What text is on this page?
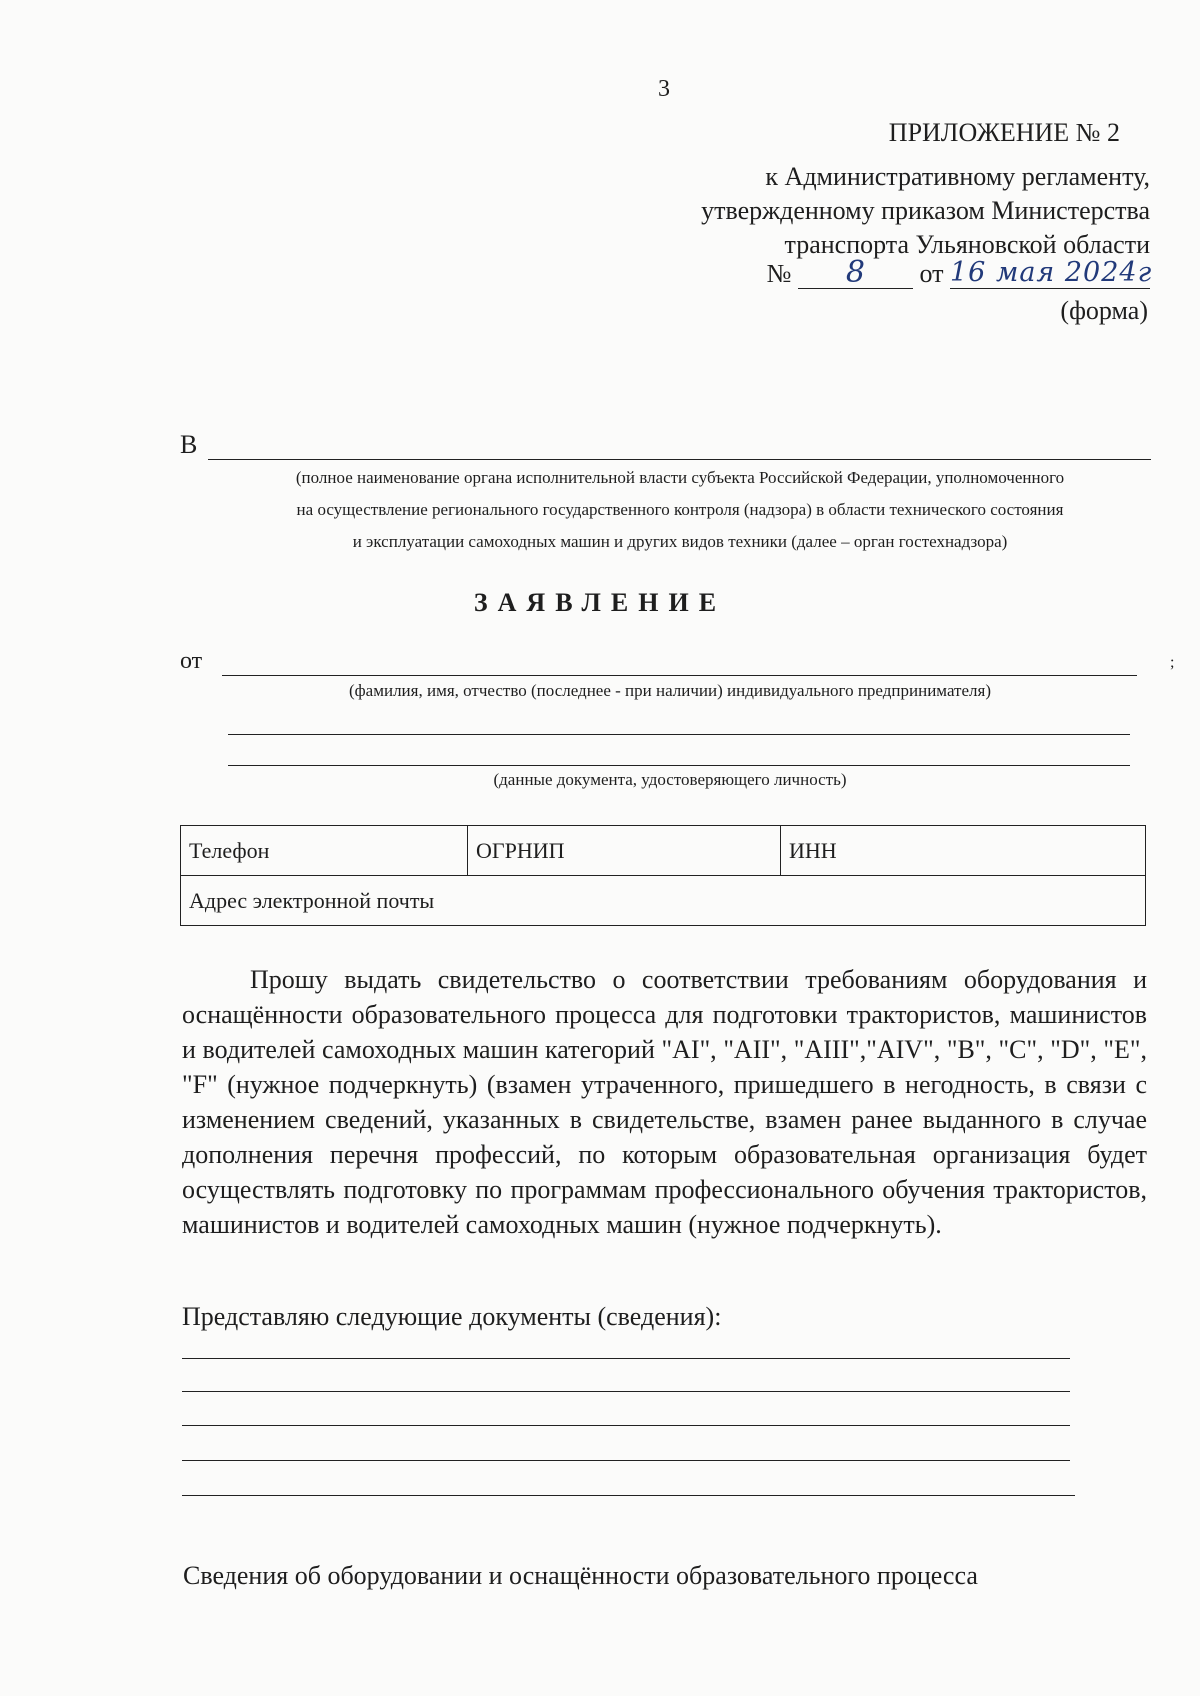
3
ПРИЛОЖЕНИЕ № 2
к Административному регламенту,
утвержденному приказом Министерства
транспорта Ульяновской области
№ 8 от 16 мая 2024г
(форма)
В
(полное наименование органа исполнительной власти субъекта Российской Федерации, уполномоченного
на осуществление регионального государственного контроля (надзора) в области технического состояния
и эксплуатации самоходных машин и других видов техники (далее – орган гостехнадзора)
ЗАЯВЛЕНИЕ
от	;
(фамилия, имя, отчество (последнее - при наличии) индивидуального предпринимателя)
(данные документа, удостоверяющего личность)
Телефон	ОГРНИП	ИНН
Адрес электронной почты
Прошу выдать свидетельство о соответствии требованиям оборудования и оснащённости образовательного процесса для подготовки трактористов, машинистов и водителей самоходных машин категорий "AI", "AII", "AIII","AIV", "B", "C", "D", "E", "F" (нужное подчеркнуть) (взамен утраченного, пришедшего в негодность, в связи с изменением сведений, указанных в свидетельстве, взамен ранее выданного в случае дополнения перечня профессий, по которым образовательная организация будет осуществлять подготовку по программам профессионального обучения трактористов, машинистов и водителей самоходных машин (нужное подчеркнуть).
Представляю следующие документы (сведения):
Сведения об оборудовании и оснащённости образовательного процесса
